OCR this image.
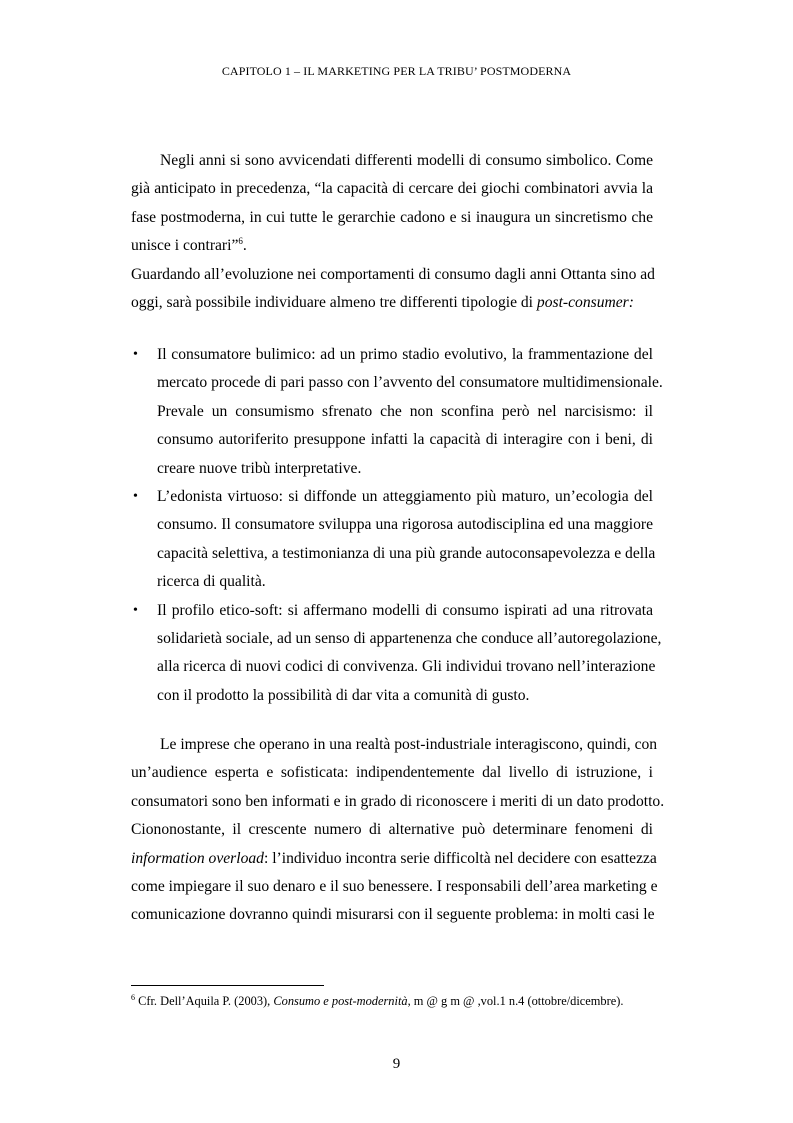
CAPITOLO 1 – IL MARKETING PER LA TRIBU’ POSTMODERNA
Negli anni si sono avvicendati differenti modelli di consumo simbolico. Come
già anticipato in precedenza, “la capacità di cercare dei giochi combinatori avvia la
fase postmoderna, in cui tutte le gerarchie cadono e si inaugura un sincretismo che
unisce i contrari”$^6$.
Guardando all’evoluzione nei comportamenti di consumo dagli anni Ottanta sino ad
oggi, sarà possibile individuare almeno tre differenti tipologie di post-consumer:
• Il consumatore bulimico: ad un primo stadio evolutivo, la frammentazione del
mercato procede di pari passo con l’avvento del consumatore multidimensionale.
Prevale un consumismo sfrenato che non sconfina però nel narcisismo: il
consumo autoriferito presuppone infatti la capacità di interagire con i beni, di
creare nuove tribù interpretative.
• L’edonista virtuoso: si diffonde un atteggiamento più maturo, un’ecologia del
consumo. Il consumatore sviluppa una rigorosa autodisciplina ed una maggiore
capacità selettiva, a testimonianza di una più grande autoconsapevolezza e della
ricerca di qualità.
• Il profilo etico-soft: si affermano modelli di consumo ispirati ad una ritrovata
solidarietà sociale, ad un senso di appartenenza che conduce all’autoregolazione,
alla ricerca di nuovi codici di convivenza. Gli individui trovano nell’interazione
con il prodotto la possibilità di dar vita a comunità di gusto.
Le imprese che operano in una realtà post-industriale interagiscono, quindi, con
un’audience esperta e sofisticata: indipendentemente dal livello di istruzione, i
consumatori sono ben informati e in grado di riconoscere i meriti di un dato prodotto.
Ciononostante, il crescente numero di alternative può determinare fenomeni di
information overload: l’individuo incontra serie difficoltà nel decidere con esattezza
come impiegare il suo denaro e il suo benessere. I responsabili dell’area marketing e
comunicazione dovranno quindi misurarsi con il seguente problema: in molti casi le
$^6$ Cfr. Dell’Aquila P. (2003), Consumo e post-modernità, m @ g m @ ,vol.1 n.4 (ottobre/dicembre).
9
